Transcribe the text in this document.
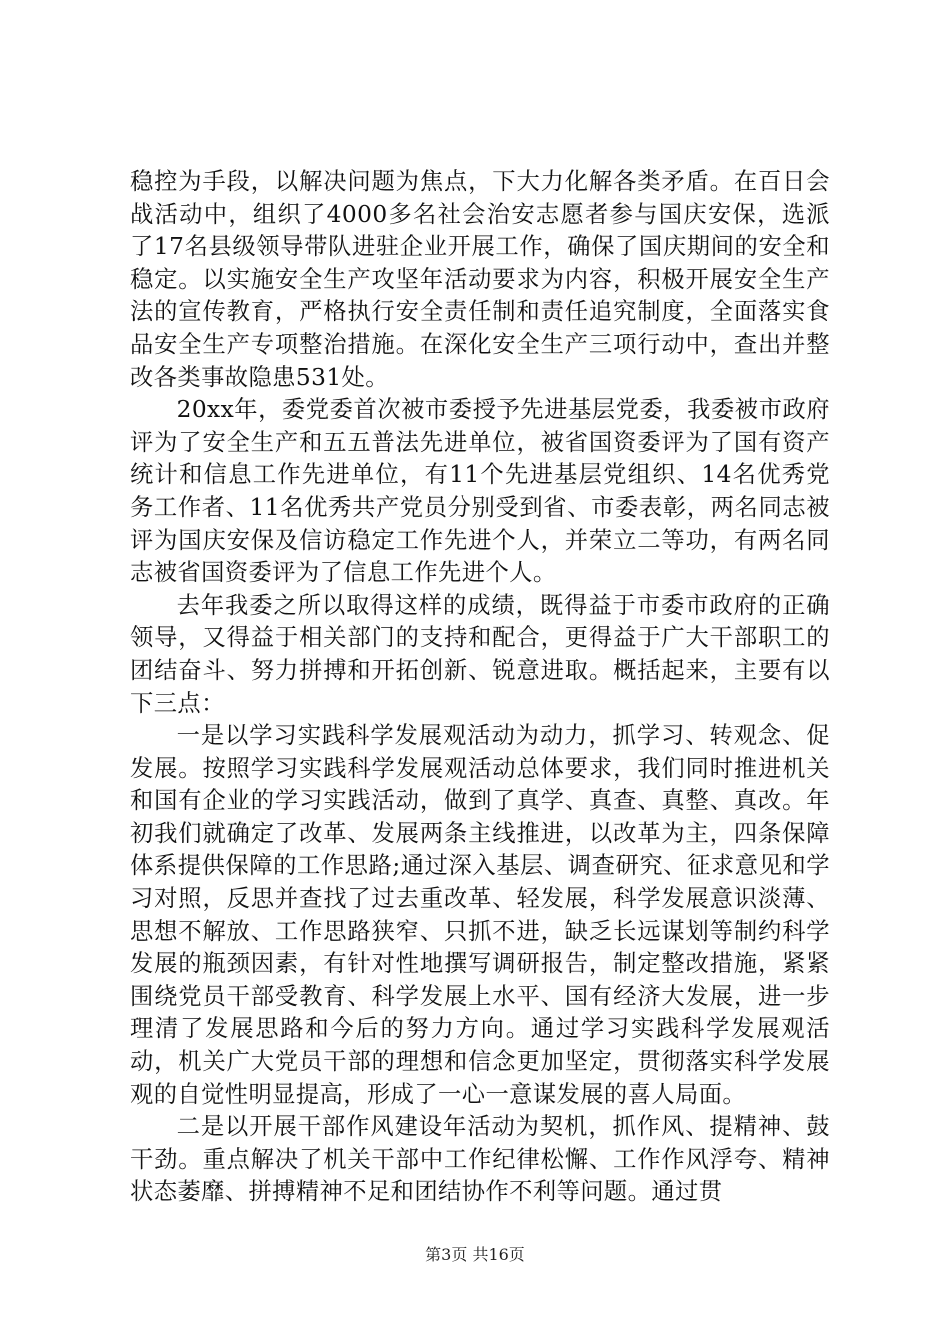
稳控为手段，以解决问题为焦点，下大力化解各类矛盾。在百日会战活动中，组织了4000多名社会治安志愿者参与国庆安保，选派了17名县级领导带队进驻企业开展工作，确保了国庆期间的安全和稳定。以实施安全生产攻坚年活动要求为内容，积极开展安全生产法的宣传教育，严格执行安全责任制和责任追究制度，全面落实食品安全生产专项整治措施。在深化安全生产三项行动中，查出并整改各类事故隐患531处。

20xx年，委党委首次被市委授予先进基层党委，我委被市政府评为了安全生产和五五普法先进单位，被省国资委评为了国有资产统计和信息工作先进单位，有11个先进基层党组织、14名优秀党务工作者、11名优秀共产党员分别受到省、市委表彰，两名同志被评为国庆安保及信访稳定工作先进个人，并荣立二等功，有两名同志被省国资委评为了信息工作先进个人。

去年我委之所以取得这样的成绩，既得益于市委市政府的正确领导，又得益于相关部门的支持和配合，更得益于广大干部职工的团结奋斗、努力拼搏和开拓创新、锐意进取。概括起来，主要有以下三点：

一是以学习实践科学发展观活动为动力，抓学习、转观念、促发展。按照学习实践科学发展观活动总体要求，我们同时推进机关和国有企业的学习实践活动，做到了真学、真查、真整、真改。年初我们就确定了改革、发展两条主线推进，以改革为主，四条保障体系提供保障的工作思路;通过深入基层、调查研究、征求意见和学习对照，反思并查找了过去重改革、轻发展，科学发展意识淡薄、思想不解放、工作思路狭窄、只抓不进，缺乏长远谋划等制约科学发展的瓶颈因素，有针对性地撰写调研报告，制定整改措施，紧紧围绕党员干部受教育、科学发展上水平、国有经济大发展，进一步理清了发展思路和今后的努力方向。通过学习实践科学发展观活动，机关广大党员干部的理想和信念更加坚定，贯彻落实科学发展观的自觉性明显提高，形成了一心一意谋发展的喜人局面。

二是以开展干部作风建设年活动为契机，抓作风、提精神、鼓干劲。重点解决了机关干部中工作纪律松懈、工作作风浮夸、精神状态萎靡、拼搏精神不足和团结协作不利等问题。通过贯

第3页 共16页
